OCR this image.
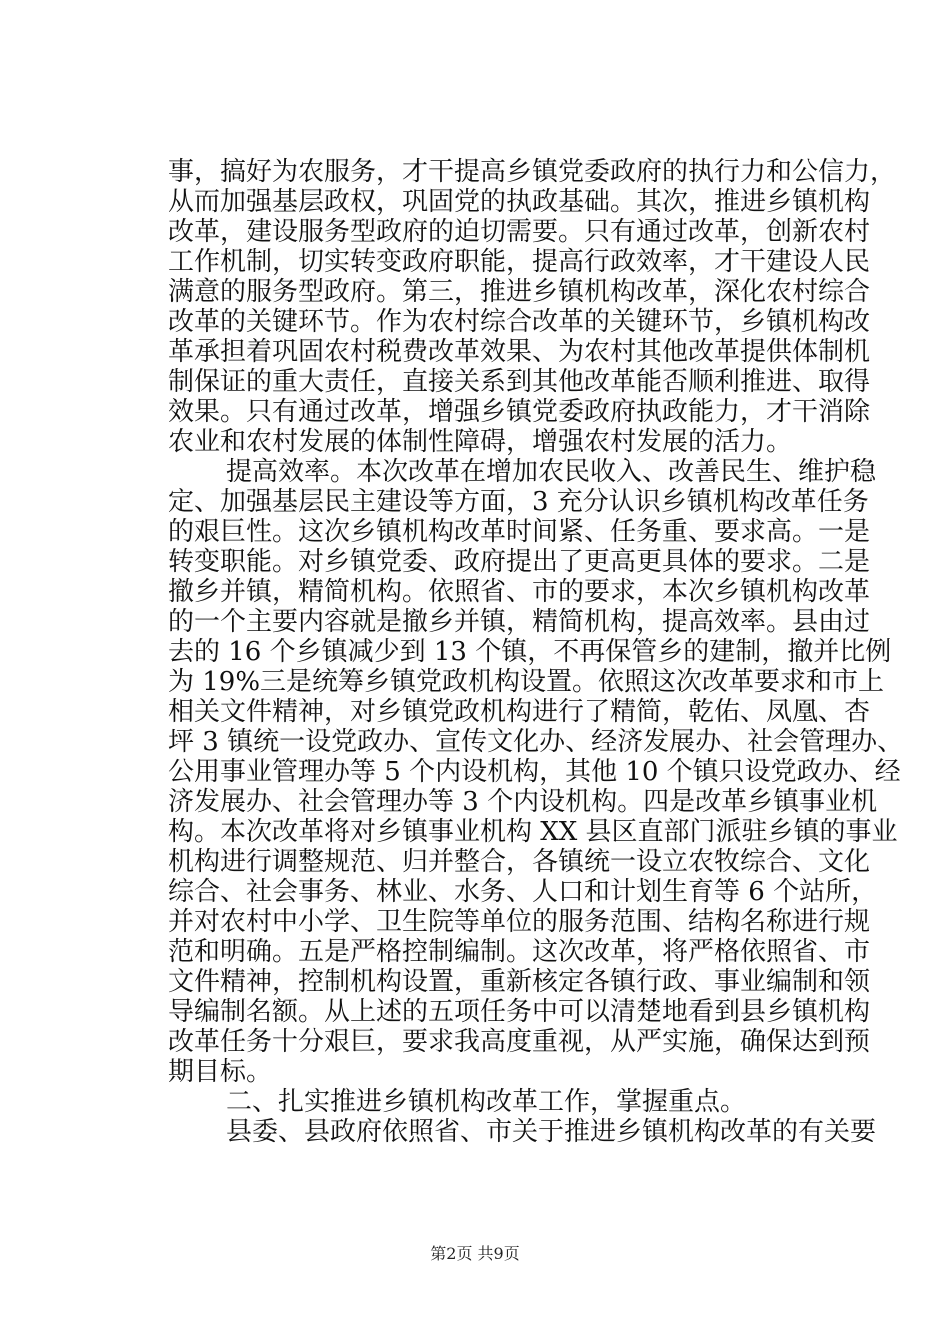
事，搞好为农服务，才干提高乡镇党委政府的执行力和公信力，
从而加强基层政权，巩固党的执政基础。其次，推进乡镇机构
改革，建设服务型政府的迫切需要。只有通过改革，创新农村
工作机制，切实转变政府职能，提高行政效率，才干建设人民
满意的服务型政府。第三，推进乡镇机构改革，深化农村综合
改革的关键环节。作为农村综合改革的关键环节，乡镇机构改
革承担着巩固农村税费改革效果、为农村其他改革提供体制机
制保证的重大责任，直接关系到其他改革能否顺利推进、取得
效果。只有通过改革，增强乡镇党委政府执政能力，才干消除
农业和农村发展的体制性障碍，增强农村发展的活力。
提高效率。本次改革在增加农民收入、改善民生、维护稳
定、加强基层民主建设等方面，3 充分认识乡镇机构改革任务
的艰巨性。这次乡镇机构改革时间紧、任务重、要求高。一是
转变职能。对乡镇党委、政府提出了更高更具体的要求。二是
撤乡并镇，精简机构。依照省、市的要求，本次乡镇机构改革
的一个主要内容就是撤乡并镇，精简机构，提高效率。县由过
去的 16 个乡镇减少到 13 个镇，不再保管乡的建制，撤并比例
为 19%三是统筹乡镇党政机构设置。依照这次改革要求和市上
相关文件精神，对乡镇党政机构进行了精简，乾佑、凤凰、杏
坪 3 镇统一设党政办、宣传文化办、经济发展办、社会管理办、
公用事业管理办等 5 个内设机构，其他 10 个镇只设党政办、经
济发展办、社会管理办等 3 个内设机构。四是改革乡镇事业机
构。本次改革将对乡镇事业机构 XX 县区直部门派驻乡镇的事业
机构进行调整规范、归并整合，各镇统一设立农牧综合、文化
综合、社会事务、林业、水务、人口和计划生育等 6 个站所，
并对农村中小学、卫生院等单位的服务范围、结构名称进行规
范和明确。五是严格控制编制。这次改革，将严格依照省、市
文件精神，控制机构设置，重新核定各镇行政、事业编制和领
导编制名额。从上述的五项任务中可以清楚地看到县乡镇机构
改革任务十分艰巨，要求我高度重视，从严实施，确保达到预
期目标。
二、扎实推进乡镇机构改革工作，掌握重点。
县委、县政府依照省、市关于推进乡镇机构改革的有关要
第2页 共9页
